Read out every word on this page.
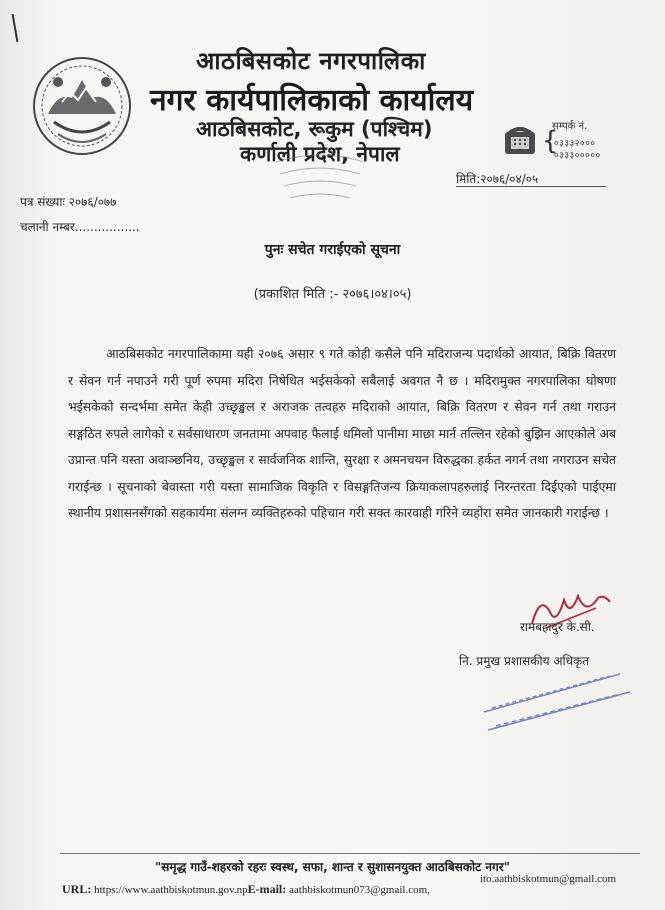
आठबिसकोट नगरपालिका
नगर कार्यपालिकाको कार्यालय
आठबिसकोट, रूकुम (पश्चिम)
कर्णाली प्रदेश, नेपाल
सम्पर्क नं.
{
०३३३२०००
०३३३०००००
मिति:२०७६/०४/०५
पत्र संख्याः २०७६/०७७
चलानी नम्बर.................
पुनः सचेत गराईएको सूचना
(प्रकाशित मिति :- २०७६।०४।०५)
आठबिसकोट नगरपालिकामा यही २०७६ असार ९ गते कोही कसैले पनि मदिराजन्य पदार्थको आयात, बिक्रि वितरण र सेवन गर्न नपाउने गरी पूर्ण रुपमा मदिरा निषेधित भईसकेको सबैलाई अवगत नै छ । मदिरामुक्त नगरपालिका घोषणा भईसकेको सन्दर्भमा समेत केही उच्छृङ्खल र अराजक तत्वहरु मदिराको आयात, बिक्रि वितरण र सेवन गर्न तथा गराउन सङ्गठित रुपले लागेको र सर्वसाधारण जनतामा अपवाह फैलाई धमिलो पानीमा माछा मार्न तल्लिन रहेको बुझिन आएकोले अब उप्रान्त पनि यस्ता अवाञ्छनिय, उच्छृङ्खल र सार्वजनिक शान्ति, सुरक्षा र अमनचयन विरुद्धका हर्कत नगर्न तथा नगराउन सचेत गराईन्छ । सूचनाको बेवास्ता गरी यस्ता सामाजिक विकृति र विसङ्गतिजन्य क्रियाकलापहरुलाई निरन्तरता दिईएको पाईएमा स्थानीय प्रशासनसँगको सहकार्यमा संलग्न व्यक्तिहरुको पहिचान गरी सक्त कारवाही गरिने व्यहोरा समेत जानकारी गराईन्छ ।
रामबहादुर के.सी.
नि. प्रमुख प्रशासकीय अधिकृत
"समृद्ध गाउँ-शहरको रहरः स्वस्थ, सफा, शान्त र सुशासनयुक्त आठबिसकोट नगर"
URL: https://www.aathbiskotmun.gov.npE-mail: aathbiskotmun073@gmail.com,
ito.aathbiskotmun@gmail.com
